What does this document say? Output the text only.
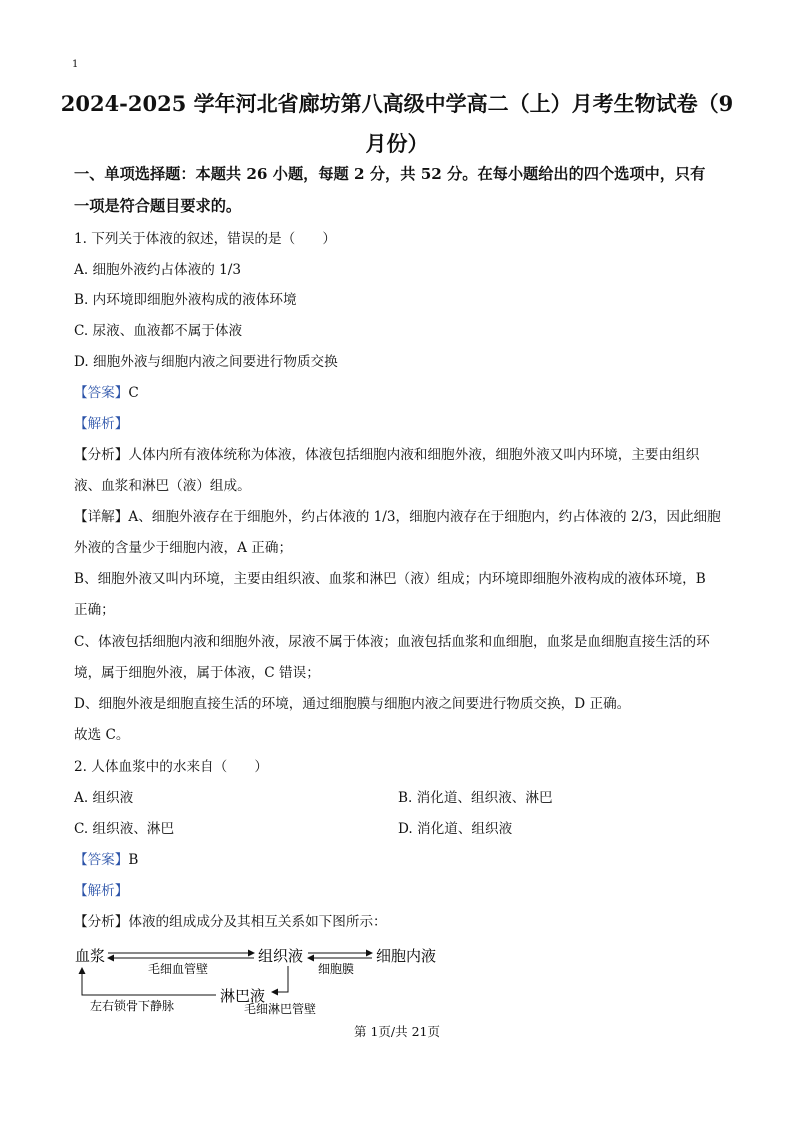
1
2024-2025 学年河北省廊坊第八高级中学高二（上）月考生物试卷（9
月份）
一、单项选择题：本题共 26 小题，每题 2 分，共 52 分。在每小题给出的四个选项中，只有
一项是符合题目要求的。
1. 下列关于体液的叙述，错误的是（　　）
A. 细胞外液约占体液的 1/3
B. 内环境即细胞外液构成的液体环境
C. 尿液、血液都不属于体液
D. 细胞外液与细胞内液之间要进行物质交换
【答案】C
【解析】
【分析】人体内所有液体统称为体液，体液包括细胞内液和细胞外液，细胞外液又叫内环境，主要由组织
液、血浆和淋巴（液）组成。
【详解】A、细胞外液存在于细胞外，约占体液的 1/3，细胞内液存在于细胞内，约占体液的 2/3，因此细胞
外液的含量少于细胞内液，A 正确；
B、细胞外液又叫内环境，主要由组织液、血浆和淋巴（液）组成；内环境即细胞外液构成的液体环境，B
正确；
C、体液包括细胞内液和细胞外液，尿液不属于体液；血液包括血浆和血细胞，血浆是血细胞直接生活的环
境，属于细胞外液，属于体液，C 错误；
D、细胞外液是细胞直接生活的环境，通过细胞膜与细胞内液之间要进行物质交换，D 正确。
故选 C。
2. 人体血浆中的水来自（　　）
A. 组织液	B. 消化道、组织液、淋巴
C. 组织液、淋巴	D. 消化道、组织液
【答案】B
【解析】
【分析】体液的组成成分及其相互关系如下图所示：
血浆	组织液	细胞内液
淋巴液
毛细血管壁	细胞膜
毛细淋巴管壁
左右锁骨下静脉
第 1页/共 21页
